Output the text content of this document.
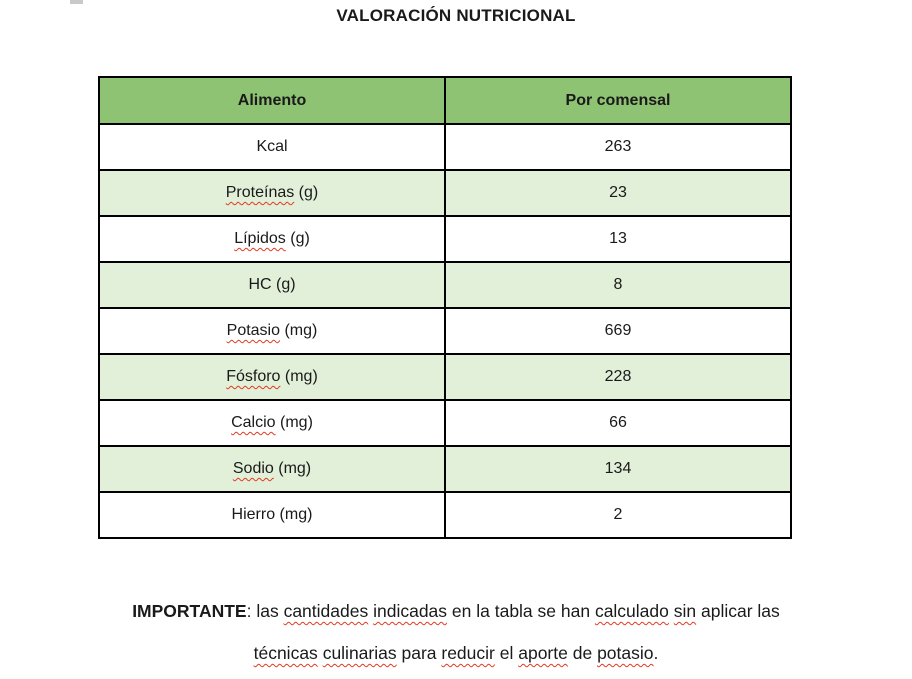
VALORACIÓN NUTRICIONAL
Alimento	Por comensal
Kcal	263
Proteínas (g)	23
Lípidos (g)	13
HC (g)	8
Potasio (mg)	669
Fósforo (mg)	228
Calcio (mg)	66
Sodio (mg)	134
Hierro (mg)	2

IMPORTANTE: las cantidades indicadas en la tabla se han calculado sin aplicar las
técnicas culinarias para reducir el aporte de potasio.
